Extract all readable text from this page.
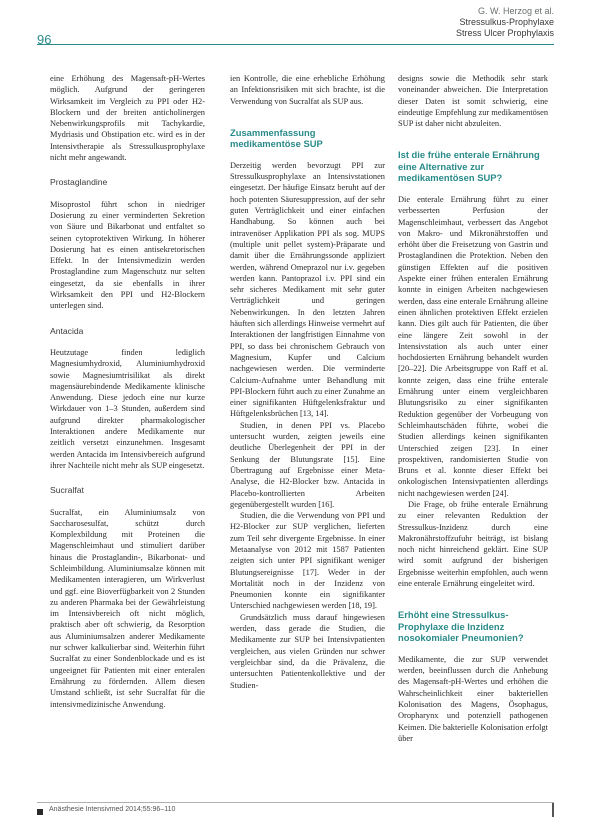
96
G. W. Herzog et al.
Stressulkus-Prophylaxe
Stress Ulcer Prophylaxis

eine Erhöhung des Magensaft-pH-Wertes möglich. Aufgrund der geringeren Wirksamkeit im Vergleich zu PPI oder H2-Blockern und der breiten anticholinergen Nebenwirkungsprofils mit Tachykardie, Mydriasis und Obstipation etc. wird es in der Intensivtherapie als Stressulkusprophylaxe nicht mehr angewandt.

Prostaglandine

Misoprostol führt schon in niedriger Dosierung zu einer verminderten Sekretion von Säure und Bikarbonat und entfaltet so seinen cytoprotektiven Wirkung. In höherer Dosierung hat es einen antisekretorischen Effekt. In der Intensivmedizin werden Prostaglandine zum Magenschutz nur selten eingesetzt, da sie ebenfalls in ihrer Wirksamkeit den PPI und H2-Blockern unterlegen sind.

Antacida

Heutzutage finden lediglich Magnesiumhydroxid, Aluminiumhydroxid sowie Magnesiumtrisilikat als direkt magensäurebindende Medikamente klinische Anwendung. Diese jedoch eine nur kurze Wirkdauer von 1–3 Stunden, außerdem sind aufgrund direkter pharmakologischer Interaktionen andere Medikamente nur zeitlich versetzt einzunehmen. Insgesamt werden Antacida im Intensivbereich aufgrund ihrer Nachteile nicht mehr als SUP eingesetzt.

Sucralfat

Sucralfat, ein Aluminiumsalz von Saccharosesulfat, schützt durch Komplexbildung mit Proteinen die Magenschleimhaut und stimuliert darüber hinaus die Prostaglandin-, Bikarbonat- und Schleimbildung. Aluminiumsalze können mit Medikamenten interagieren, um Wirkverlust und ggf. eine Bioverfügbarkeit von 2 Stunden zu anderen Pharmaka bei der Gewährleistung im Intensivbereich oft nicht möglich, praktisch aber oft schwierig, da Resorption aus Aluminiumsalzen anderer Medikamente nur schwer kalkulierbar sind. Weiterhin führt Sucralfat zu einer Sondenblockade und es ist ungeeignet für Patienten mit einer enteralen Ernährung zu fördernden. Allem diesen Umstand schließt, ist sehr Sucralfat für die intensivmedizinische Anwendung.

ien Kontrolle, die eine erhebliche Erhöhung an Infektionsrisiken mit sich brachte, ist die Verwendung von Sucralfat als SUP aus.

Zusammenfassung medikamentöse SUP

Derzeitig werden bevorzugt PPI zur Stressulkusprophylaxe an Intensivstationen eingesetzt. Der häufige Einsatz beruht auf der hoch potenten Säuresuppression, auf der sehr guten Verträglichkeit und einer einfachen Handhabung. So können auch bei intravenöser Applikation PPI als sog. MUPS (multiple unit pellet system)-Präparate und damit über die Ernährungssonde appliziert werden, während Omeprazol nur i.v. gegeben werden kann. Pantoprazol i.v. PPI sind ein sehr sicheres Medikament mit sehr guter Verträglichkeit und geringen Nebenwirkungen. In den letzten Jahren häuften sich allerdings Hinweise vermehrt auf Interaktionen der langfristigen Einnahme von PPI, so dass bei chronischem Gebrauch von Magnesium, Kupfer und Calcium nachgewiesen werden. Die verminderte Calcium-Aufnahme unter Behandlung mit PPI-Blockern führt auch zu einer Zunahme an einer signifikanten Hüftgelenksfraktur und Hüftgelenksbrüchen [13, 14].

Studien, in denen PPI vs. Placebo untersucht wurden, zeigten jeweils eine deutliche Überlegenheit der PPI in der Senkung der Blutungsrate [15]. Eine Übertragung auf Ergebnisse einer Meta-Analyse, die H2-Blocker bzw. Antacida in Placebo-kontrollierten Arbeiten gegenübergestellt wurden [16].

Studien, die die Verwendung von PPI und H2-Blocker zur SUP verglichen, lieferten zum Teil sehr divergente Ergebnisse. In einer Metaanalyse von 2012 mit 1587 Patienten zeigten sich unter PPI signifikant weniger Blutungsereignisse [17]. Weder in der Mortalität noch in der Inzidenz von Pneumonien konnte ein signifikanter Unterschied nachgewiesen werden [18, 19].

Grundsätzlich muss darauf hingewiesen werden, dass gerade die Studien, die Medikamente zur SUP bei Intensivpatienten vergleichen, aus vielen Gründen nur schwer vergleichbar sind, da die Prävalenz, die untersuchten Patientenkollektive und der Studien-

designs sowie die Methodik sehr stark voneinander abweichen. Die Interpretation dieser Daten ist somit schwierig, eine eindeutige Empfehlung zur medikamentösen SUP ist daher nicht abzuleiten.

Ist die frühe enterale Ernährung eine Alternative zur medikamentösen SUP?

Die enterale Ernährung führt zu einer verbesserten Perfusion der Magenschleimhaut, verbessert das Angebot von Makro- und Mikronährstoffen und erhöht über die Freisetzung von Gastrin und Prostaglandinen die Protektion. Neben den günstigen Effekten auf die positiven Aspekte einer frühen enteralen Ernährung konnte in einigen Arbeiten nachgewiesen werden, dass eine enterale Ernährung alleine einen ähnlichen protektiven Effekt erzielen kann. Dies gilt auch für Patienten, die über eine längere Zeit sowohl in der Intensivstation als auch unter einer hochdosierten Ernährung behandelt wurden [20–22]. Die Arbeitsgruppe von Raff et al. konnte zeigen, dass eine frühe enterale Ernährung unter einem vergleichbaren Blutungsrisiko zu einer signifikanten Reduktion gegenüber der Vorbeugung von Schleimhautschäden führte, wobei die Studien allerdings keinen signifikanten Unterschied zeigen [23]. In einer prospektiven, randomisierten Studie von Bruns et al. konnte dieser Effekt bei onkologischen Intensivpatienten allerdings nicht nachgewiesen werden [24].

Die Frage, ob frühe enterale Ernährung zu einer relevanten Reduktion der Stressulkus-Inzidenz durch eine Makronährstoffzufuhr beiträgt, ist bislang noch nicht hinreichend geklärt. Eine SUP wird somit aufgrund der bisherigen Ergebnisse weiterhin empfohlen, auch wenn eine enterale Ernährung eingeleitet wird.

Erhöht eine Stressulkus-Prophylaxe die Inzidenz nosokomialer Pneumonien?

Medikamente, die zur SUP verwendet werden, beeinflussen durch die Anhebung des Magensaft-pH-Wertes und erhöhen die Wahrscheinlichkeit einer bakteriellen Kolonisation des Magens, Ösophagus, Oropharynx und potenziell pathogenen Keimen. Die bakterielle Kolonisation erfolgt über

Anästhesie Intensivmed 2014;55:96–110
